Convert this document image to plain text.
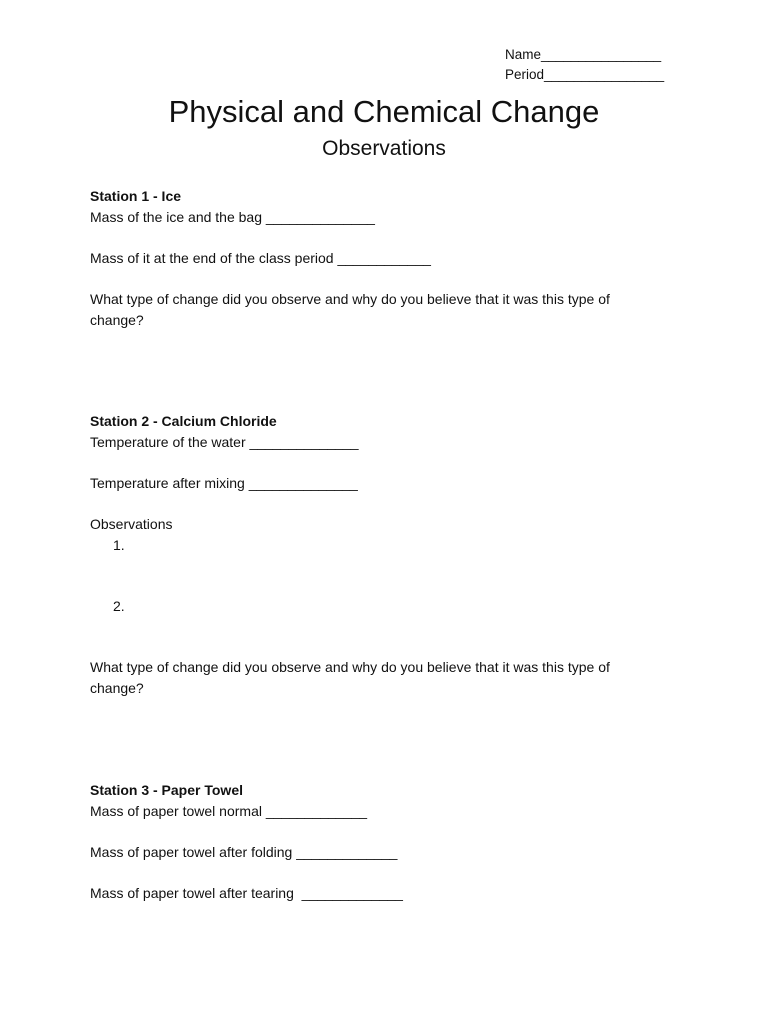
Name________________
Period________________
Physical and Chemical Change
Observations
Station 1 - Ice
Mass of the ice and the bag ______________
Mass of it at the end of the class period ____________
What type of change did you observe and why do you believe that it was this type of
change?
Station 2 - Calcium Chloride
Temperature of the water ______________
Temperature after mixing ______________
Observations
1.
2.
What type of change did you observe and why do you believe that it was this type of
change?
Station 3 - Paper Towel
Mass of paper towel normal _____________
Mass of paper towel after folding _____________
Mass of paper towel after tearing  _____________
